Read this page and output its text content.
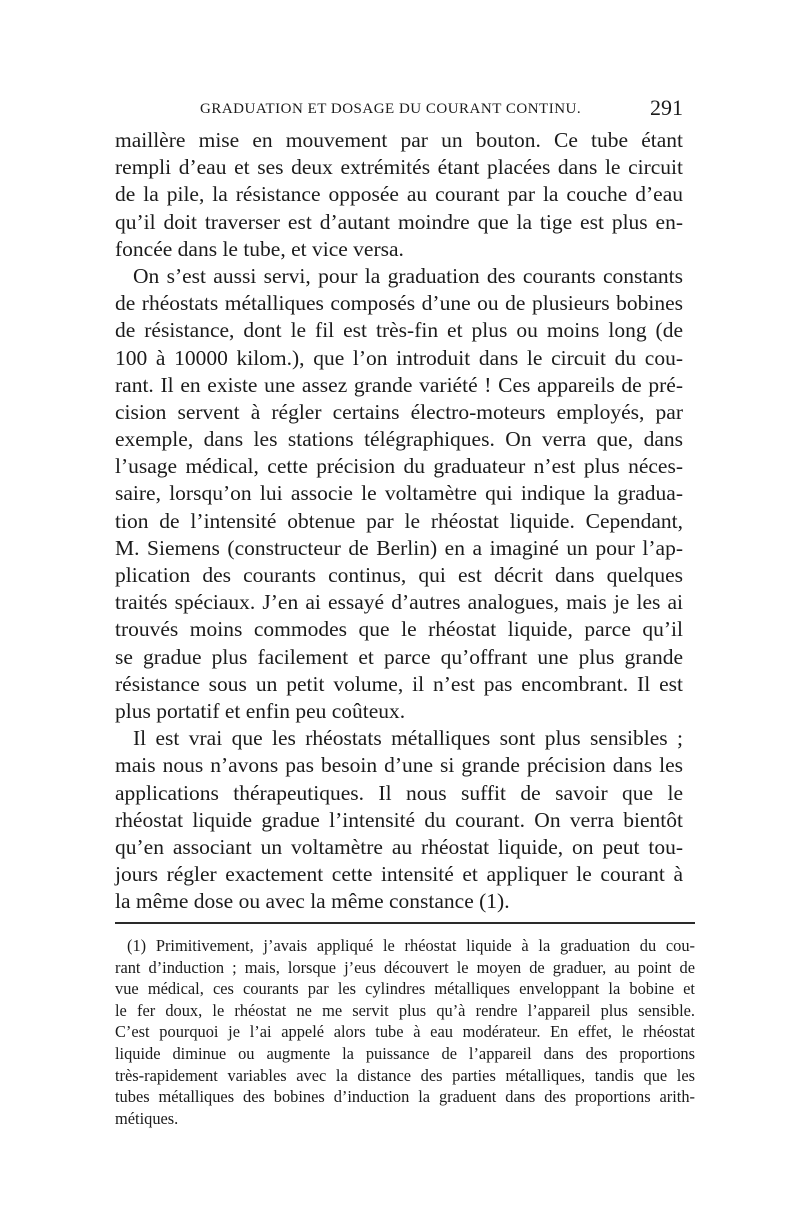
GRADUATION ET DOSAGE DU COURANT CONTINU.	291
maillère mise en mouvement par un bouton. Ce tube étant
rempli d’eau et ses deux extrémités étant placées dans le circuit
de la pile, la résistance opposée au courant par la couche d’eau
qu’il doit traverser est d’autant moindre que la tige est plus en-
foncée dans le tube, et vice versa.
On s’est aussi servi, pour la graduation des courants constants
de rhéostats métalliques composés d’une ou de plusieurs bobines
de résistance, dont le fil est très-fin et plus ou moins long (de
100 à 10000 kilom.), que l’on introduit dans le circuit du cou-
rant. Il en existe une assez grande variété ! Ces appareils de pré-
cision servent à régler certains électro-moteurs employés, par
exemple, dans les stations télégraphiques. On verra que, dans
l’usage médical, cette précision du graduateur n’est plus néces-
saire, lorsqu’on lui associe le voltamètre qui indique la gradua-
tion de l’intensité obtenue par le rhéostat liquide. Cependant,
M. Siemens (constructeur de Berlin) en a imaginé un pour l’ap-
plication des courants continus, qui est décrit dans quelques
traités spéciaux. J’en ai essayé d’autres analogues, mais je les ai
trouvés moins commodes que le rhéostat liquide, parce qu’il
se gradue plus facilement et parce qu’offrant une plus grande
résistance sous un petit volume, il n’est pas encombrant. Il est
plus portatif et enfin peu coûteux.
Il est vrai que les rhéostats métalliques sont plus sensibles ;
mais nous n’avons pas besoin d’une si grande précision dans les
applications thérapeutiques. Il nous suffit de savoir que le
rhéostat liquide gradue l’intensité du courant. On verra bientôt
qu’en associant un voltamètre au rhéostat liquide, on peut tou-
jours régler exactement cette intensité et appliquer le courant à
la même dose ou avec la même constance (1).
(1) Primitivement, j’avais appliqué le rhéostat liquide à la graduation du cou-
rant d’induction ; mais, lorsque j’eus découvert le moyen de graduer, au point de
vue médical, ces courants par les cylindres métalliques enveloppant la bobine et
le fer doux, le rhéostat ne me servit plus qu’à rendre l’appareil plus sensible.
C’est pourquoi je l’ai appelé alors tube à eau modérateur. En effet, le rhéostat
liquide diminue ou augmente la puissance de l’appareil dans des proportions
très-rapidement variables avec la distance des parties métalliques, tandis que les
tubes métalliques des bobines d’induction la graduent dans des proportions arith-
métiques.
